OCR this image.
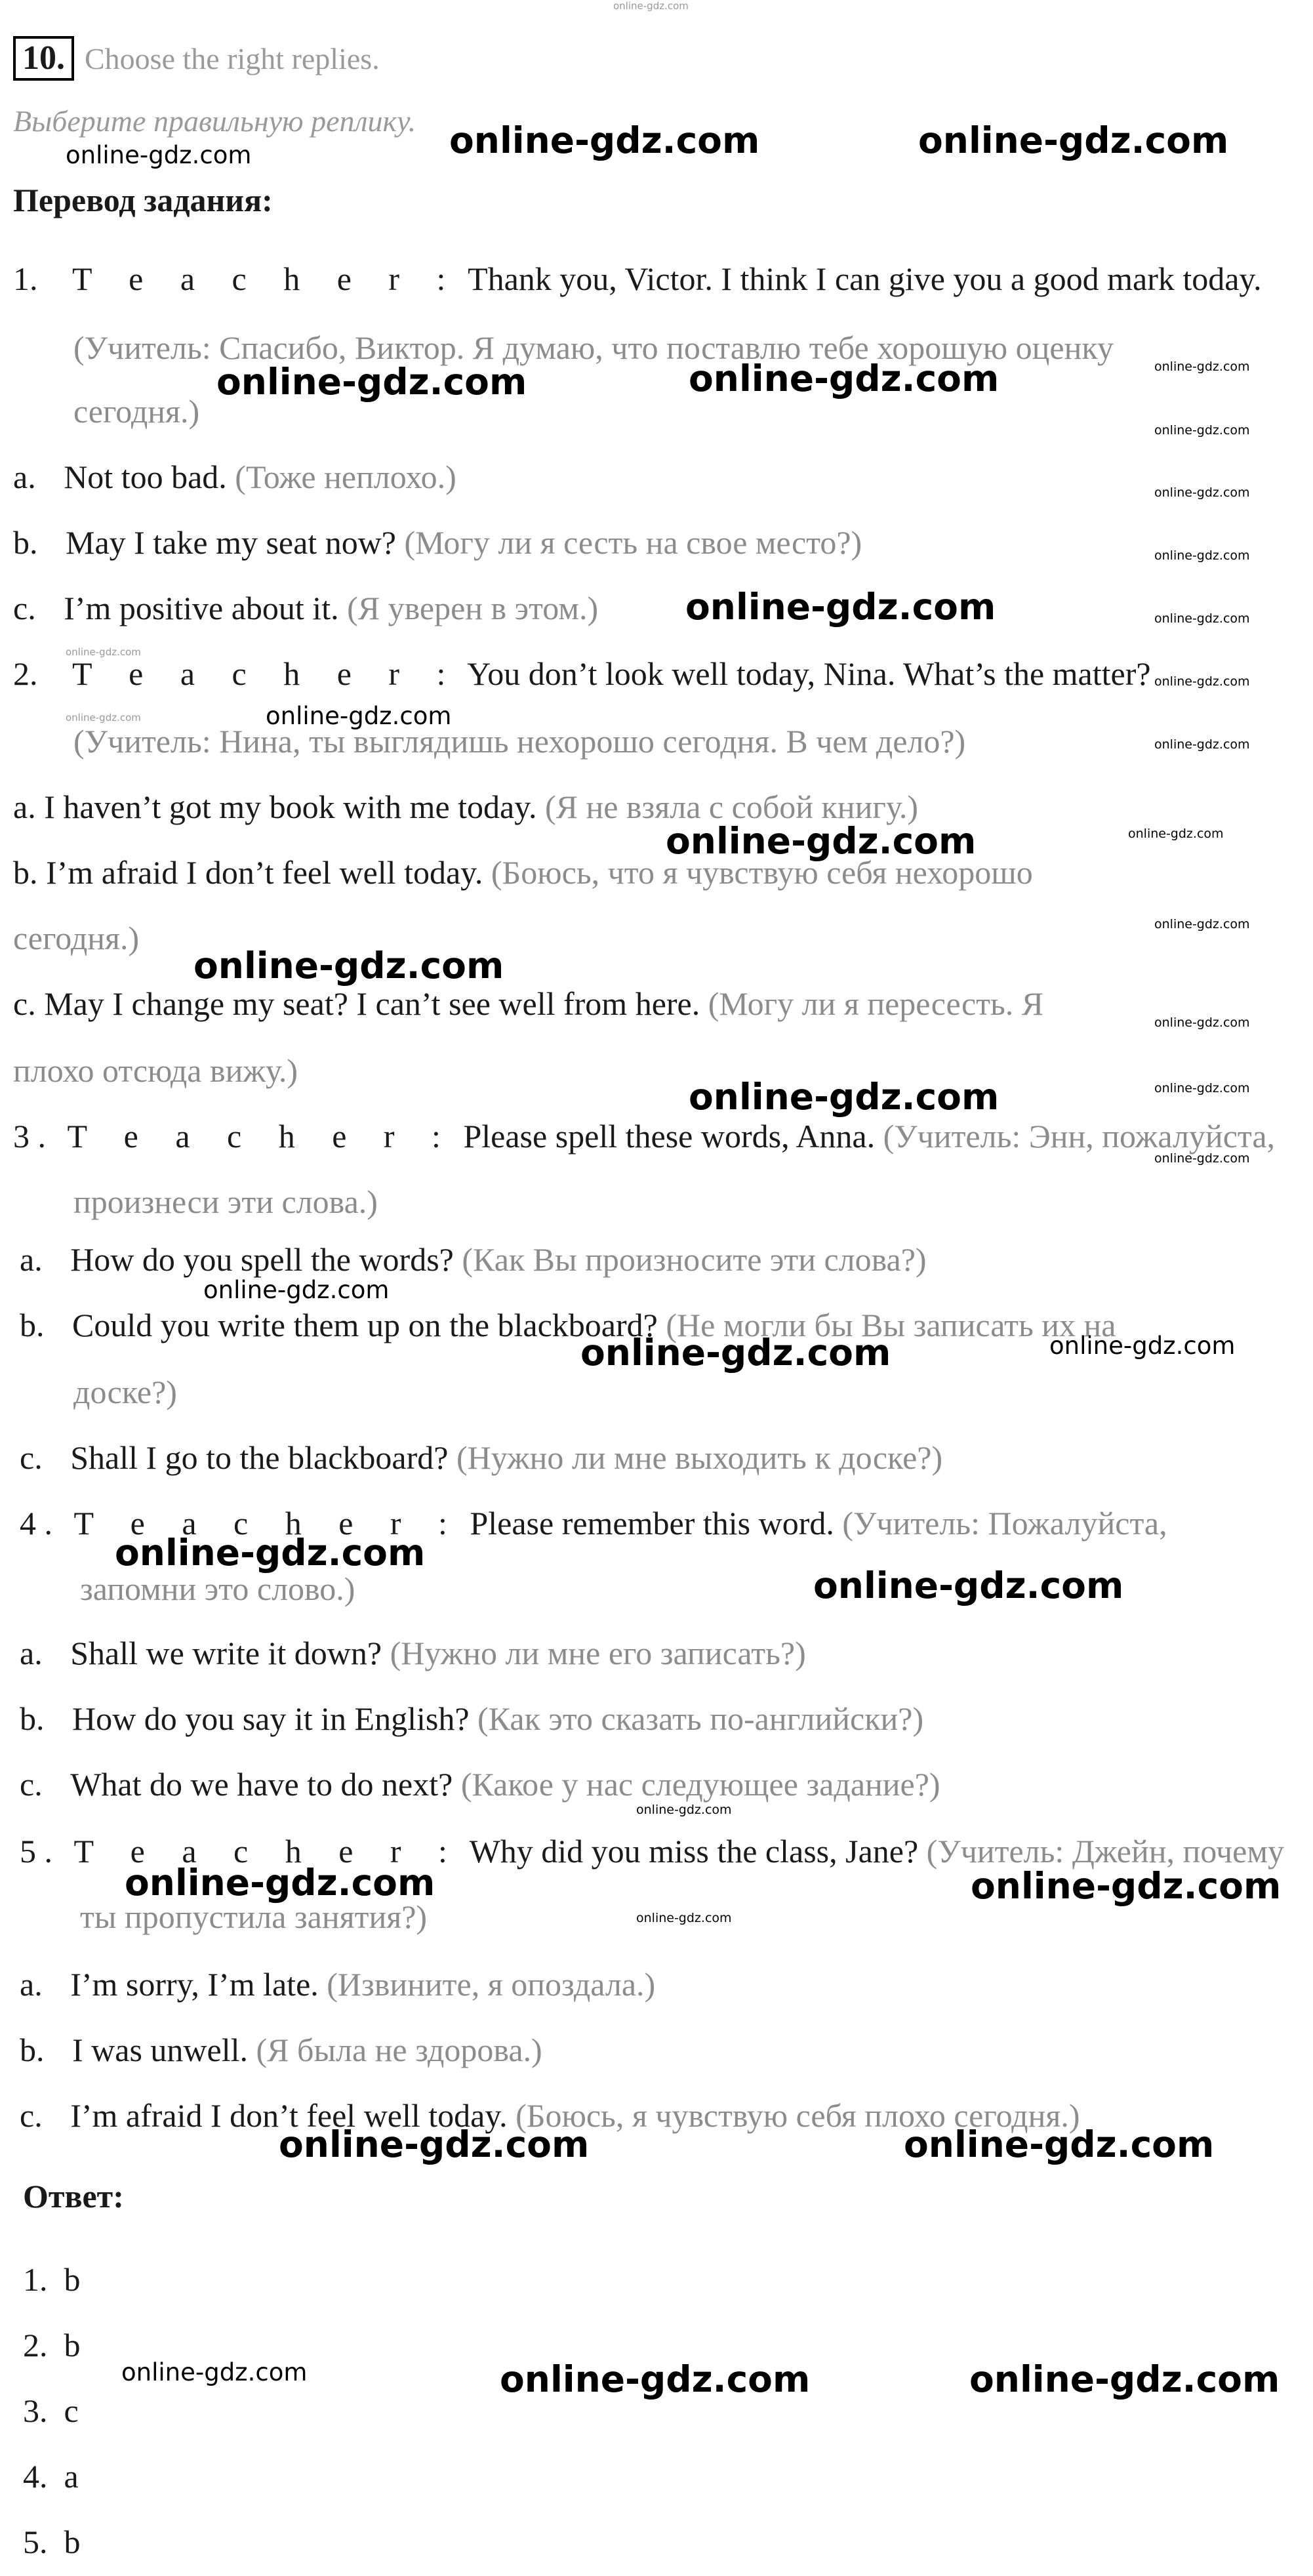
10. Choose the right replies.
Выберите правильную реплику.
Перевод задания:
1. T e a c h e r : Thank you, Victor. I think I can give you a good mark today.
(Учитель: Спасибо, Виктор. Я думаю, что поставлю тебе хорошую оценку
сегодня.)
a. Not too bad. (Тоже неплохо.)
b. May I take my seat now? (Могу ли я сесть на свое место?)
c. I’m positive about it. (Я уверен в этом.)
2. T e a c h e r : You don’t look well today, Nina. What’s the matter?
(Учитель: Нина, ты выглядишь нехорошо сегодня. В чем дело?)
a. I haven’t got my book with me today. (Я не взяла с собой книгу.)
b. I’m afraid I don’t feel well today. (Боюсь, что я чувствую себя нехорошо
сегодня.)
c. May I change my seat? I can’t see well from here. (Могу ли я пересесть. Я
плохо отсюда вижу.)
3 . T e a c h e r : Please spell these words, Anna. (Учитель: Энн, пожалуйста,
произнеси эти слова.)
a. How do you spell the words? (Как Вы произносите эти слова?)
b. Could you write them up on the blackboard? (Не могли бы Вы записать их на
доске?)
c. Shall I go to the blackboard? (Нужно ли мне выходить к доске?)
4 . T e a c h e r : Please remember this word. (Учитель: Пожалуйста,
запомни это слово.)
a. Shall we write it down? (Нужно ли мне его записать?)
b. How do you say it in English? (Как это сказать по-английски?)
c. What do we have to do next? (Какое у нас следующее задание?)
5 . T e a c h e r : Why did you miss the class, Jane? (Учитель: Джейн, почему
ты пропустила занятия?)
a. I’m sorry, I’m late. (Извините, я опоздала.)
b. I was unwell. (Я была не здорова.)
c. I’m afraid I don’t feel well today. (Боюсь, я чувствую себя плохо сегодня.)
Ответ:
1. b
2. b
3. c
4. a
5. b
online-gdz.com
online-gdz.com	online-gdz.com	online-gdz.com
online-gdz.com	online-gdz.com	online-gdz.com
online-gdz.com
online-gdz.com
online-gdz.com
online-gdz.com	online-gdz.com
online-gdz.com
online-gdz.com
online-gdz.com
online-gdz.com	online-gdz.com
online-gdz.com	online-gdz.com
online-gdz.com
online-gdz.com
online-gdz.com
online-gdz.com	online-gdz.com
online-gdz.com
online-gdz.com
online-gdz.com	online-gdz.com
online-gdz.com
online-gdz.com
online-gdz.com
online-gdz.com	online-gdz.com
online-gdz.com
online-gdz.com	online-gdz.com
online-gdz.com	online-gdz.com	online-gdz.com
